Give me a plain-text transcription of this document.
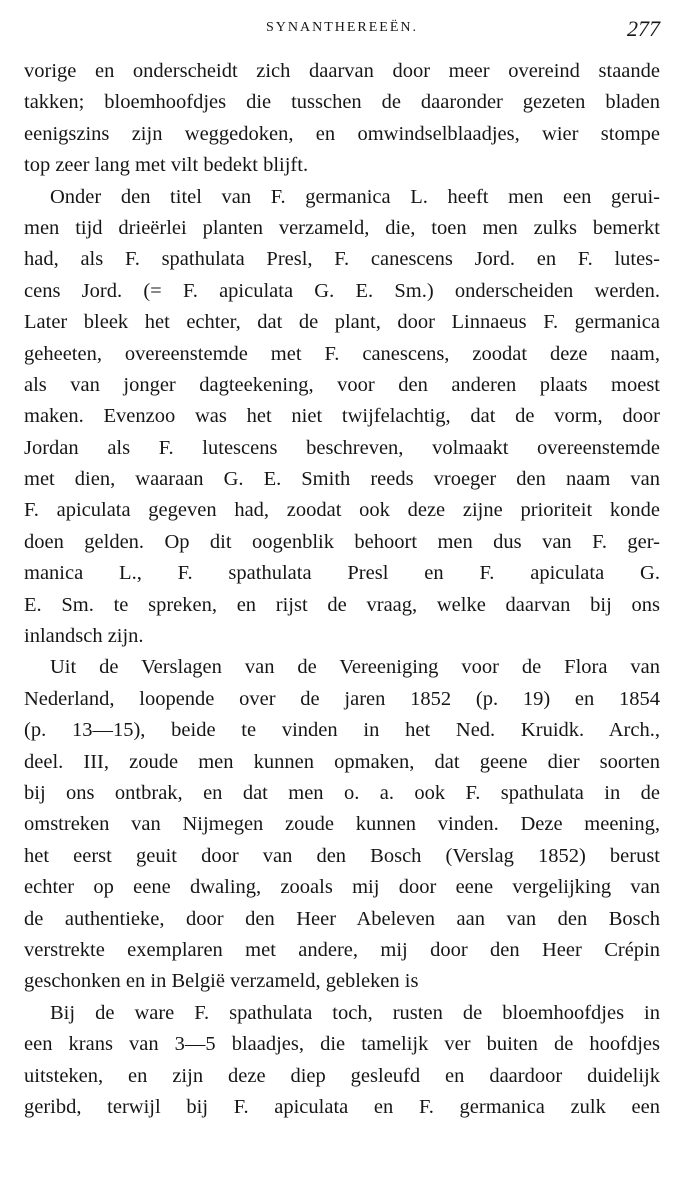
SYNANTHEREEËN.	277
vorige en onderscheidt zich daarvan door meer overeind staande
takken; bloemhoofdjes die tusschen de daaronder gezeten bladen
eenigszins zijn weggedoken, en omwindselblaadjes, wier stompe
top zeer lang met vilt bedekt blijft.
Onder den titel van F. germanica L. heeft men een gerui-
men tijd drieërlei planten verzameld, die, toen men zulks bemerkt
had, als F. spathulata Presl, F. canescens Jord. en F. lutes-
cens Jord. (= F. apiculata G. E. Sm.) onderscheiden werden.
Later bleek het echter, dat de plant, door Linnaeus F. germanica
geheeten, overeenstemde met F. canescens, zoodat deze naam,
als van jonger dagteekening, voor den anderen plaats moest
maken. Evenzoo was het niet twijfelachtig, dat de vorm, door
Jordan als F. lutescens beschreven, volmaakt overeenstemde
met dien, waaraan G. E. Smith reeds vroeger den naam van
F. apiculata gegeven had, zoodat ook deze zijne prioriteit konde
doen gelden. Op dit oogenblik behoort men dus van F. ger-
manica L., F. spathulata Presl en F. apiculata G.
E. Sm. te spreken, en rijst de vraag, welke daarvan bij ons
inlandsch zijn.
Uit de Verslagen van de Vereeniging voor de Flora van
Nederland, loopende over de jaren 1852 (p. 19) en 1854
(p. 13—15), beide te vinden in het Ned. Kruidk. Arch.,
deel. III, zoude men kunnen opmaken, dat geene dier soorten
bij ons ontbrak, en dat men o. a. ook F. spathulata in de
omstreken van Nijmegen zoude kunnen vinden. Deze meening,
het eerst geuit door van den Bosch (Verslag 1852) berust
echter op eene dwaling, zooals mij door eene vergelijking van
de authentieke, door den Heer Abeleven aan van den Bosch
verstrekte exemplaren met andere, mij door den Heer Crépin
geschonken en in België verzameld, gebleken is
Bij de ware F. spathulata toch, rusten de bloemhoofdjes in
een krans van 3—5 blaadjes, die tamelijk ver buiten de hoofdjes
uitsteken, en zijn deze diep gesleufd en daardoor duidelijk
geribd, terwijl bij F. apiculata en F. germanica zulk een
